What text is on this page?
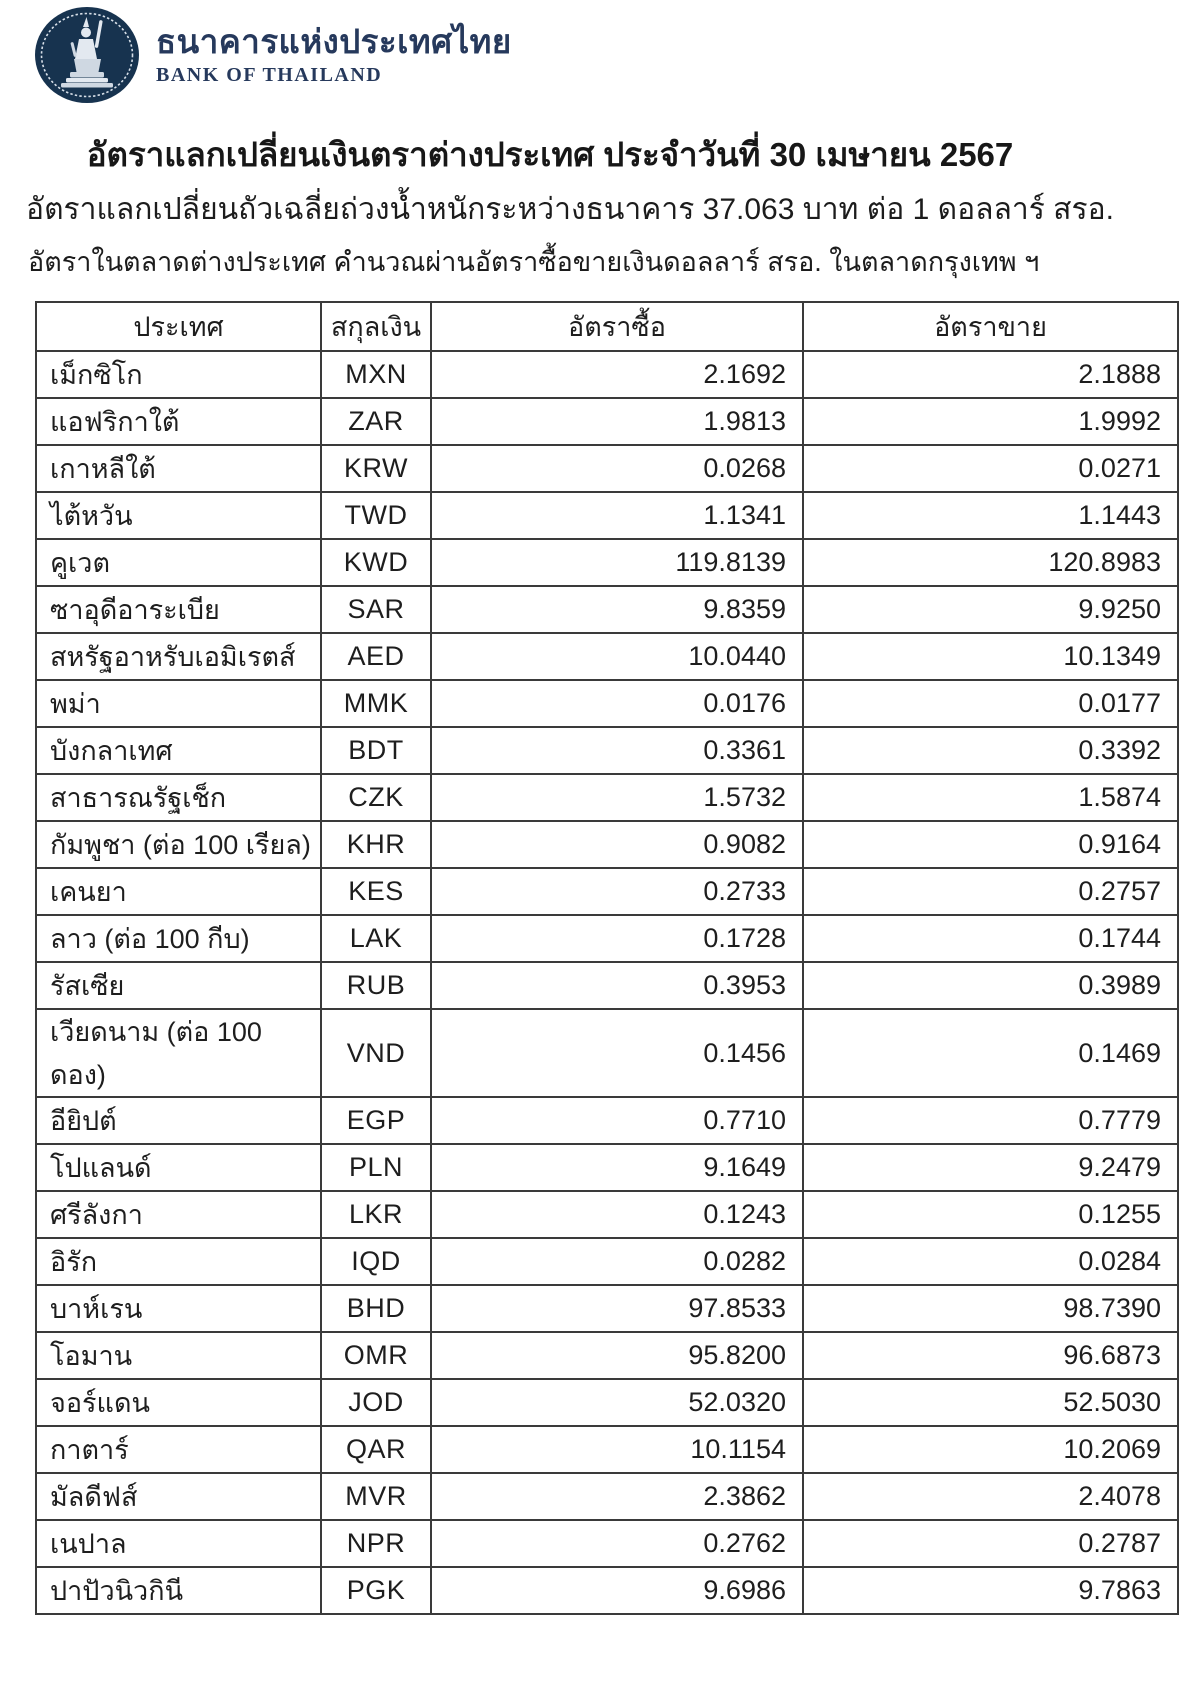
ธนาคารแห่งประเทศไทย
BANK OF THAILAND
อัตราแลกเปลี่ยนเงินตราต่างประเทศ ประจำวันที่ 30 เมษายน 2567
อัตราแลกเปลี่ยนถัวเฉลี่ยถ่วงน้ำหนักระหว่างธนาคาร 37.063 บาท ต่อ 1 ดอลลาร์ สรอ.

อัตราในตลาดต่างประเทศ คำนวณผ่านอัตราซื้อขายเงินดอลลาร์ สรอ. ในตลาดกรุงเทพ ฯ

ประเทศ	สกุลเงิน	อัตราซื้อ	อัตราขาย
เม็กซิโก	MXN	2.1692	2.1888
แอฟริกาใต้	ZAR	1.9813	1.9992
เกาหลีใต้	KRW	0.0268	0.0271
ไต้หวัน	TWD	1.1341	1.1443
คูเวต	KWD	119.8139	120.8983
ซาอุดีอาระเบีย	SAR	9.8359	9.9250
สหรัฐอาหรับเอมิเรตส์	AED	10.0440	10.1349
พม่า	MMK	0.0176	0.0177
บังกลาเทศ	BDT	0.3361	0.3392
สาธารณรัฐเช็ก	CZK	1.5732	1.5874
กัมพูชา (ต่อ 100 เรียล)	KHR	0.9082	0.9164
เคนยา	KES	0.2733	0.2757
ลาว (ต่อ 100 กีบ)	LAK	0.1728	0.1744
รัสเซีย	RUB	0.3953	0.3989
เวียดนาม (ต่อ 100 ดอง)	VND	0.1456	0.1469
อียิปต์	EGP	0.7710	0.7779
โปแลนด์	PLN	9.1649	9.2479
ศรีลังกา	LKR	0.1243	0.1255
อิรัก	IQD	0.0282	0.0284
บาห์เรน	BHD	97.8533	98.7390
โอมาน	OMR	95.8200	96.6873
จอร์แดน	JOD	52.0320	52.5030
กาตาร์	QAR	10.1154	10.2069
มัลดีฟส์	MVR	2.3862	2.4078
เนปาล	NPR	0.2762	0.2787
ปาปัวนิวกินี	PGK	9.6986	9.7863
